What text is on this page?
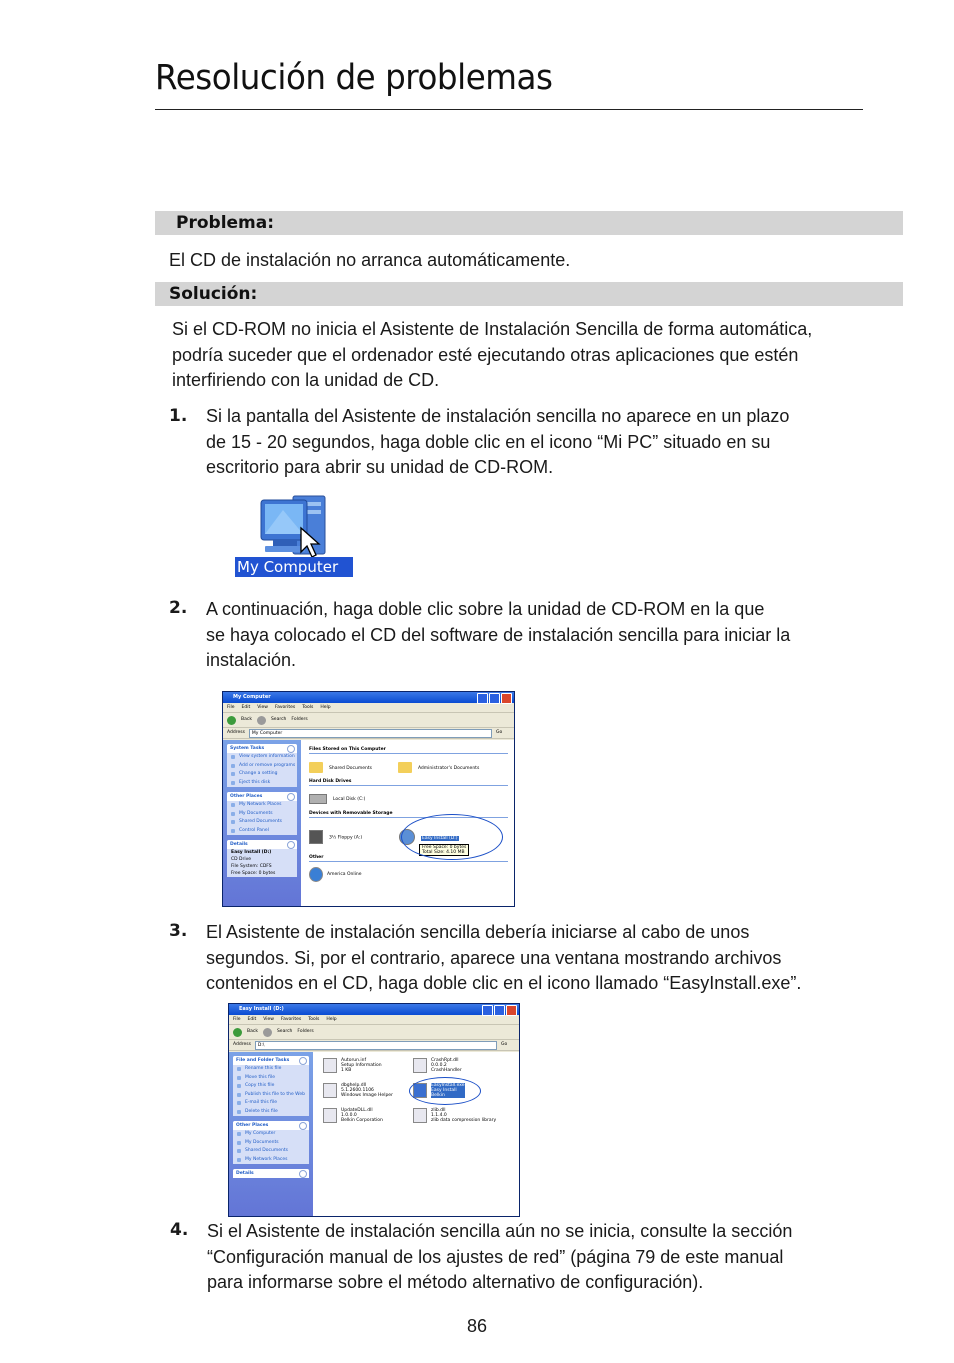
Resolución de problemas
Problema:
El CD de instalación no arranca automáticamente.
Solución:
Si el CD-ROM no inicia el Asistente de Instalación Sencilla de forma automática,
podría suceder que el ordenador esté ejecutando otras aplicaciones que estén
interfiriendo con la unidad de CD.
1. Si la pantalla del Asistente de instalación sencilla no aparece en un plazo
de 15 - 20 segundos, haga doble clic en el icono “Mi PC” situado en su
escritorio para abrir su unidad de CD-ROM.
My Computer
2. A continuación, haga doble clic sobre la unidad de CD-ROM en la que
se haya colocado el CD del software de instalación sencilla para iniciar la
instalación.
My Computer
File Edit View Favorites Tools Help
Back	Search Folders
Address	My Computer	Go
System Tasks
View system information
Add or remove programs
Change a setting
Eject this disk
Other Places
My Network Places
My Documents
Shared Documents
Control Panel
Details
Easy Install (D:)
CD Drive
File System: CDFS
Free Space: 0 bytes
Files Stored on This Computer
Shared Documents	Administrator's Documents
Hard Disk Drives
Local Disk (C:)
Devices with Removable Storage
3½ Floppy (A:)	Easy Install (D:)
Free Space: 0 bytes
Total Size: 4.10 MB
Other
America Online
3. El Asistente de instalación sencilla debería iniciarse al cabo de unos
segundos. Si, por el contrario, aparece una ventana mostrando archivos
contenidos en el CD, haga doble clic en el icono llamado “EasyInstall.exe”.
Easy Install (D:)
File Edit View Favorites Tools Help
Back	Search Folders
Address	D:\	Go
File and Folder Tasks
Rename this file
Move this file
Copy this file
Publish this file to the Web
E-mail this file
Delete this file
Other Places
My Computer
My Documents
Shared Documents
My Network Places
Details
Autorun.inf
Setup Information
1 KB
CrashRpt.dll
0.0.0.2
CrashHandler
dbghelp.dll
5.1.2600.1106
Windows Image Helper
EasyInstall.exe
Easy Install
Belkin
UpdateDLL.dll
1.0.0.0
Belkin Corporation
zlib.dll
1.1.4.0
zlib data compression library
4. Si el Asistente de instalación sencilla aún no se inicia, consulte la sección
“Configuración manual de los ajustes de red” (página 79 de este manual
para informarse sobre el método alternativo de configuración).
86
